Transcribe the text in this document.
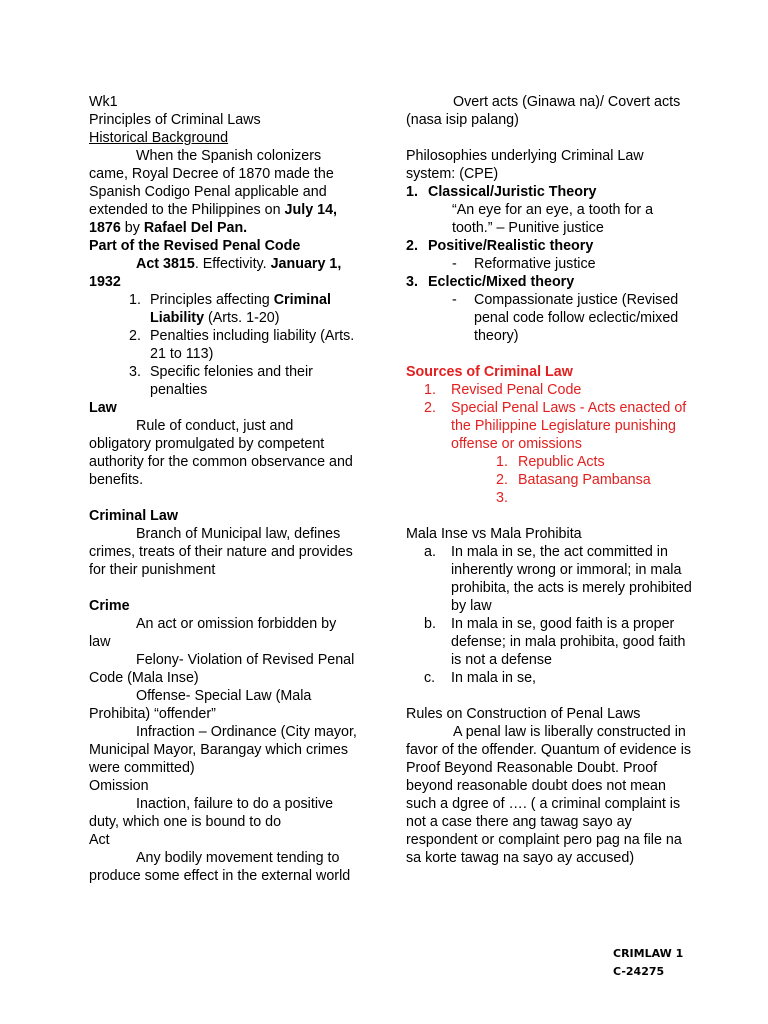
Wk1

Principles of Criminal Laws

Historical Background

When the Spanish colonizers came, Royal Decree of 1870 made the Spanish Codigo Penal applicable and extended to the Philippines on July 14, 1876 by Rafael Del Pan.

Part of the Revised Penal Code

Act 3815. Effectivity. January 1, 1932

1. Principles affecting Criminal Liability (Arts. 1-20)
2. Penalties including liability (Arts. 21 to 113)
3. Specific felonies and their penalties

Law

Rule of conduct, just and obligatory promulgated by competent authority for the common observance and benefits.

Criminal Law

Branch of Municipal law, defines crimes, treats of their nature and provides for their punishment

Crime

An act or omission forbidden by law

Felony- Violation of Revised Penal Code (Mala Inse)

Offense- Special Law (Mala Prohibita) “offender”

Infraction – Ordinance (City mayor, Municipal Mayor, Barangay which crimes were committed)

Omission

Inaction, failure to do a positive duty, which one is bound to do

Act

Any bodily movement tending to produce some effect in the external world

Overt acts (Ginawa na)/ Covert acts (nasa isip palang)

Philosophies underlying Criminal Law system: (CPE)

1. Classical/Juristic Theory

“An eye for an eye, a tooth for a tooth.” – Punitive justice

2. Positive/Realistic theory
-	Reformative justice
3. Eclectic/Mixed theory
-	Compassionate justice (Revised penal code follow eclectic/mixed theory)

Sources of Criminal Law

1.	Revised Penal Code
2.	Special Penal Laws - Acts enacted of the Philippine Legislature punishing offense or omissions
1. Republic Acts
2. Batasang Pambansa
3.

Mala Inse vs Mala Prohibita

a.	In mala in se, the act committed in inherently wrong or immoral; in mala prohibita, the acts is merely prohibited by law
b.	In mala in se, good faith is a proper defense; in mala prohibita, good faith is not a defense
c.	In mala in se,

Rules on Construction of Penal Laws

A penal law is liberally constructed in favor of the offender. Quantum of evidence is Proof Beyond Reasonable Doubt. Proof beyond reasonable doubt does not mean such a dgree of …. ( a criminal complaint is not a case there ang tawag sayo ay respondent or complaint pero pag na file na sa korte tawag na sayo ay accused)

CRIMLAW 1
C-24275
